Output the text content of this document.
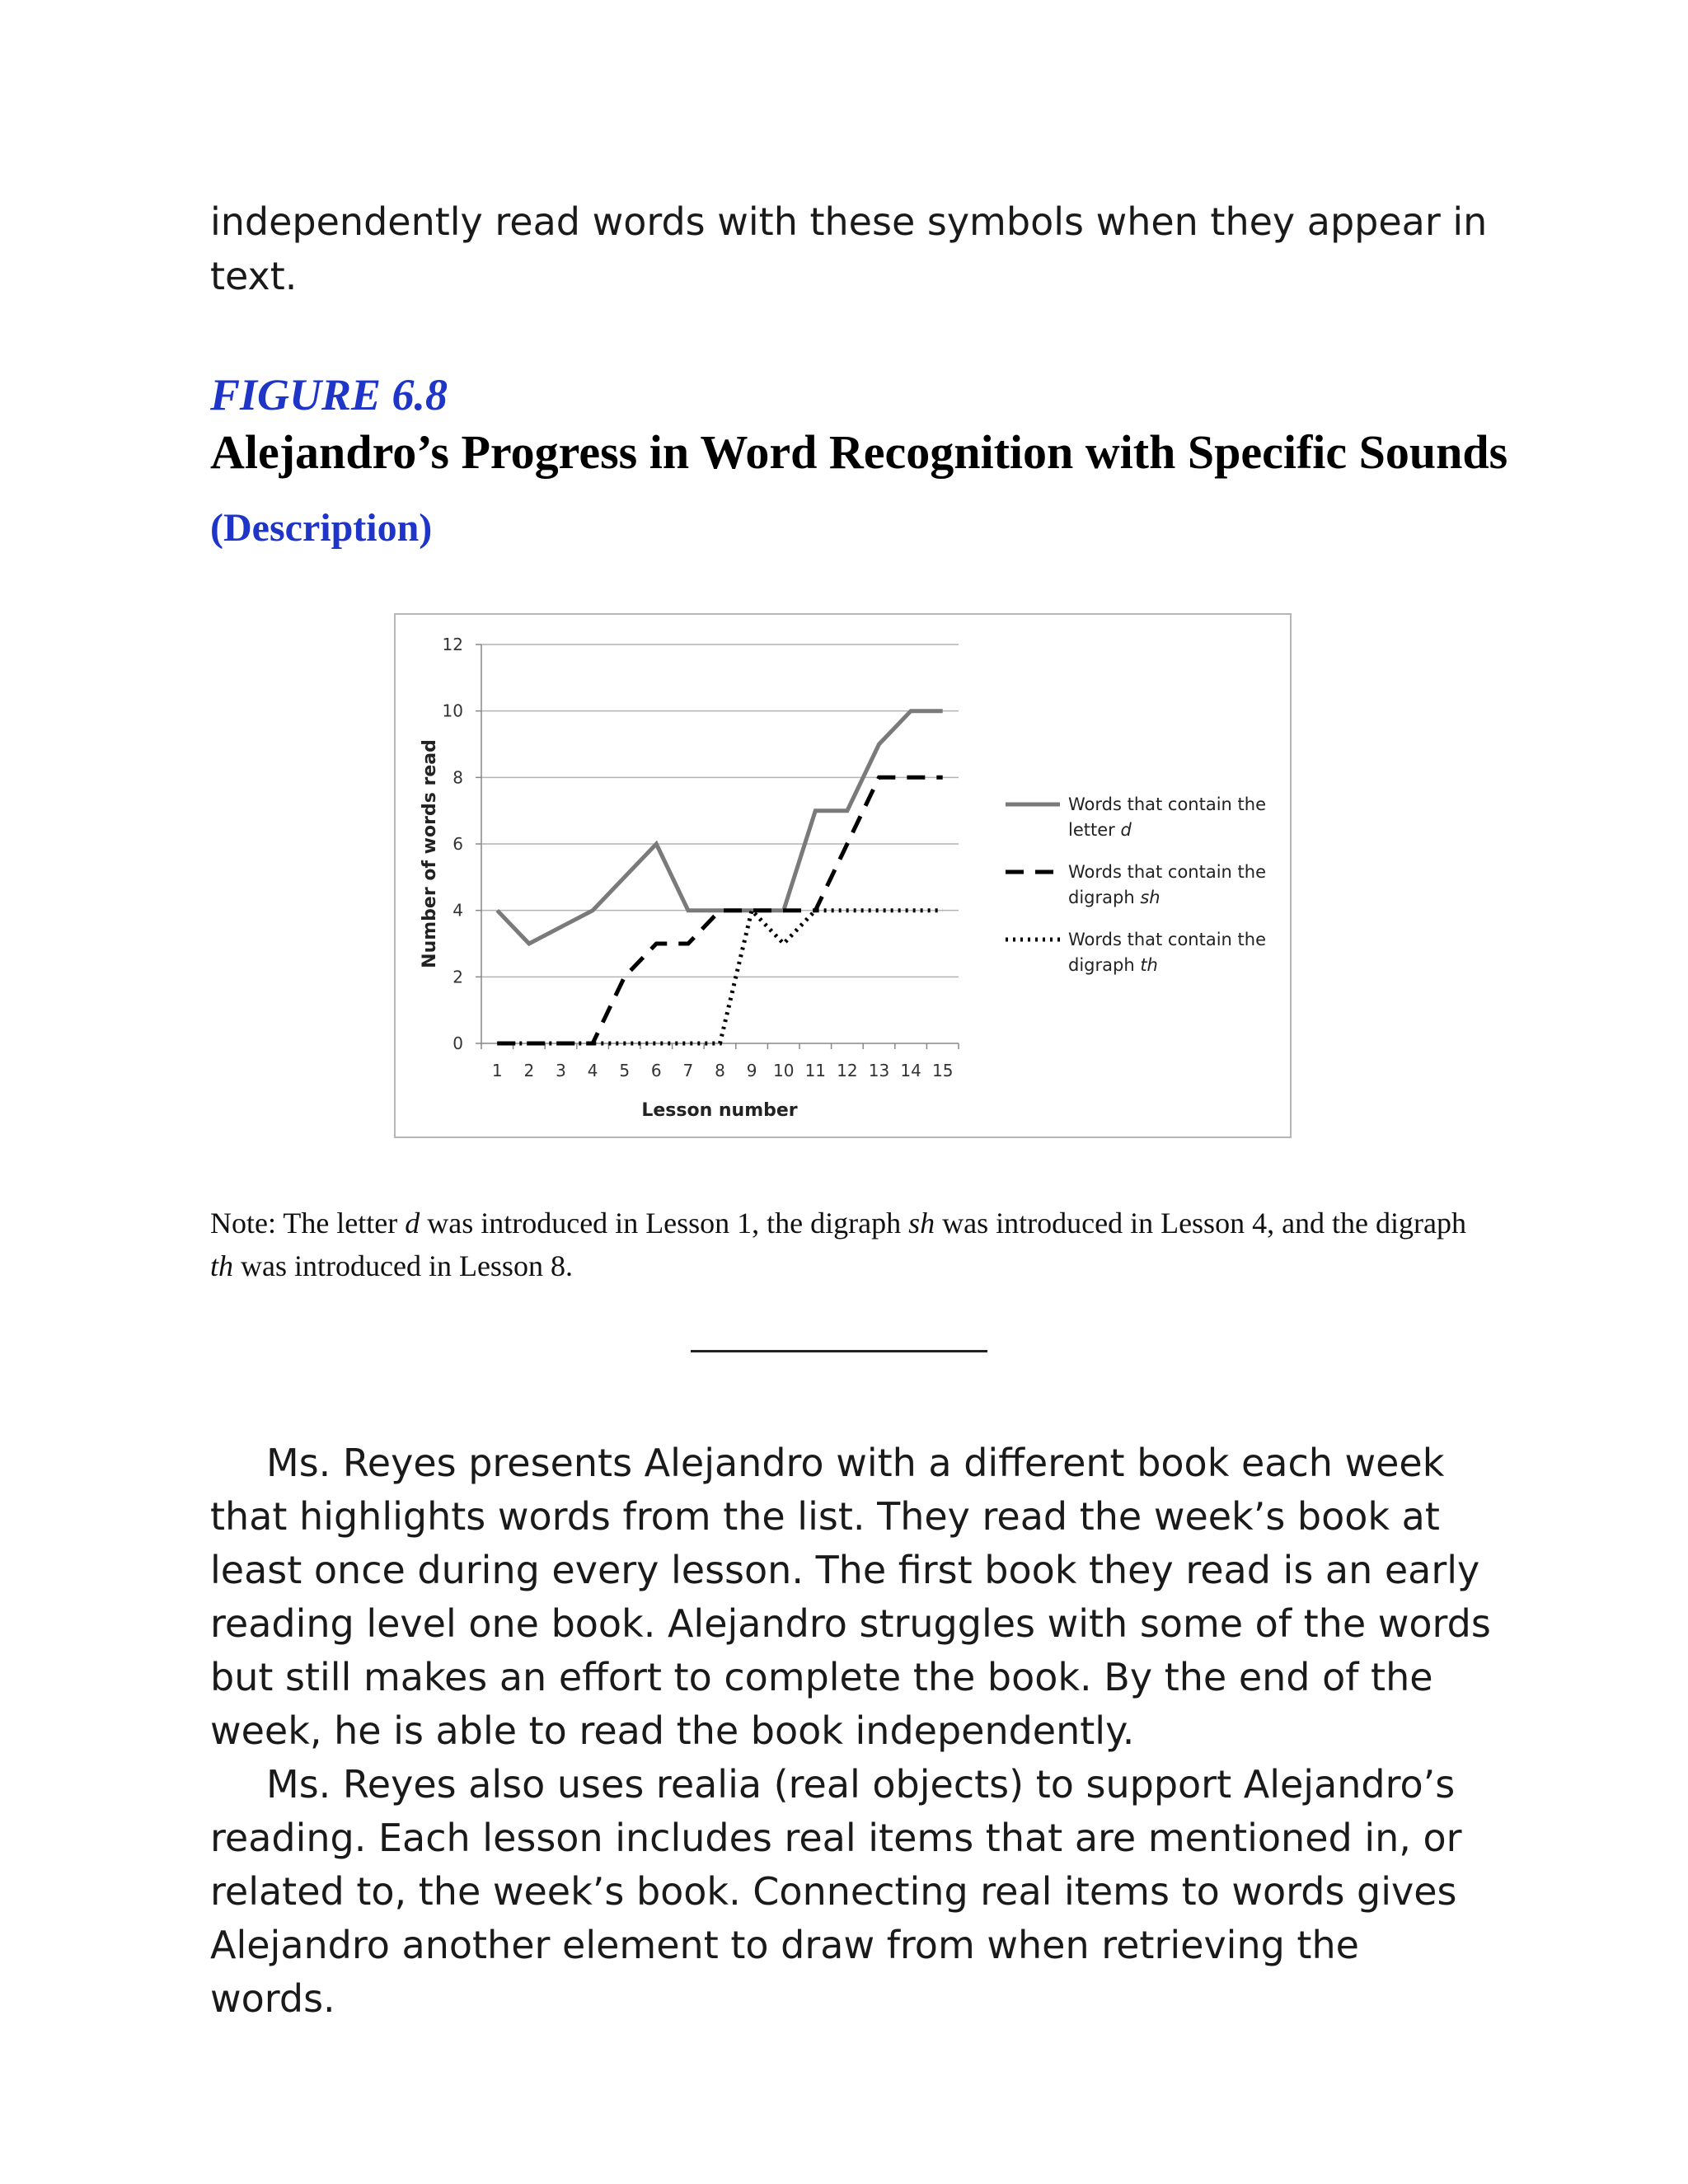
independently read words with these symbols when they appear in text.

FIGURE 6.8

Alejandro’s Progress in Word Recognition with Specific Sounds

(Description)

0
2
4
6
8
10
12
1 2 3 4 5 6 7 8 9 10 11 12 13 14 15
Lesson number
Number of words read	Words that contain the
letter d
Words that contain the
digraph sh
Words that contain the
digraph th

Note: The letter d was introduced in Lesson 1, the digraph sh was introduced in Lesson 4, and the digraph th was introduced in Lesson 8.

Ms. Reyes presents Alejandro with a different book each week that highlights words from the list. They read the week’s book at least once during every lesson. The first book they read is an early reading level one book. Alejandro struggles with some of the words but still makes an effort to complete the book. By the end of the week, he is able to read the book independently.

Ms. Reyes also uses realia (real objects) to support Alejandro’s reading. Each lesson includes real items that are mentioned in, or related to, the week’s book. Connecting real items to words gives Alejandro another element to draw from when retrieving the words.
